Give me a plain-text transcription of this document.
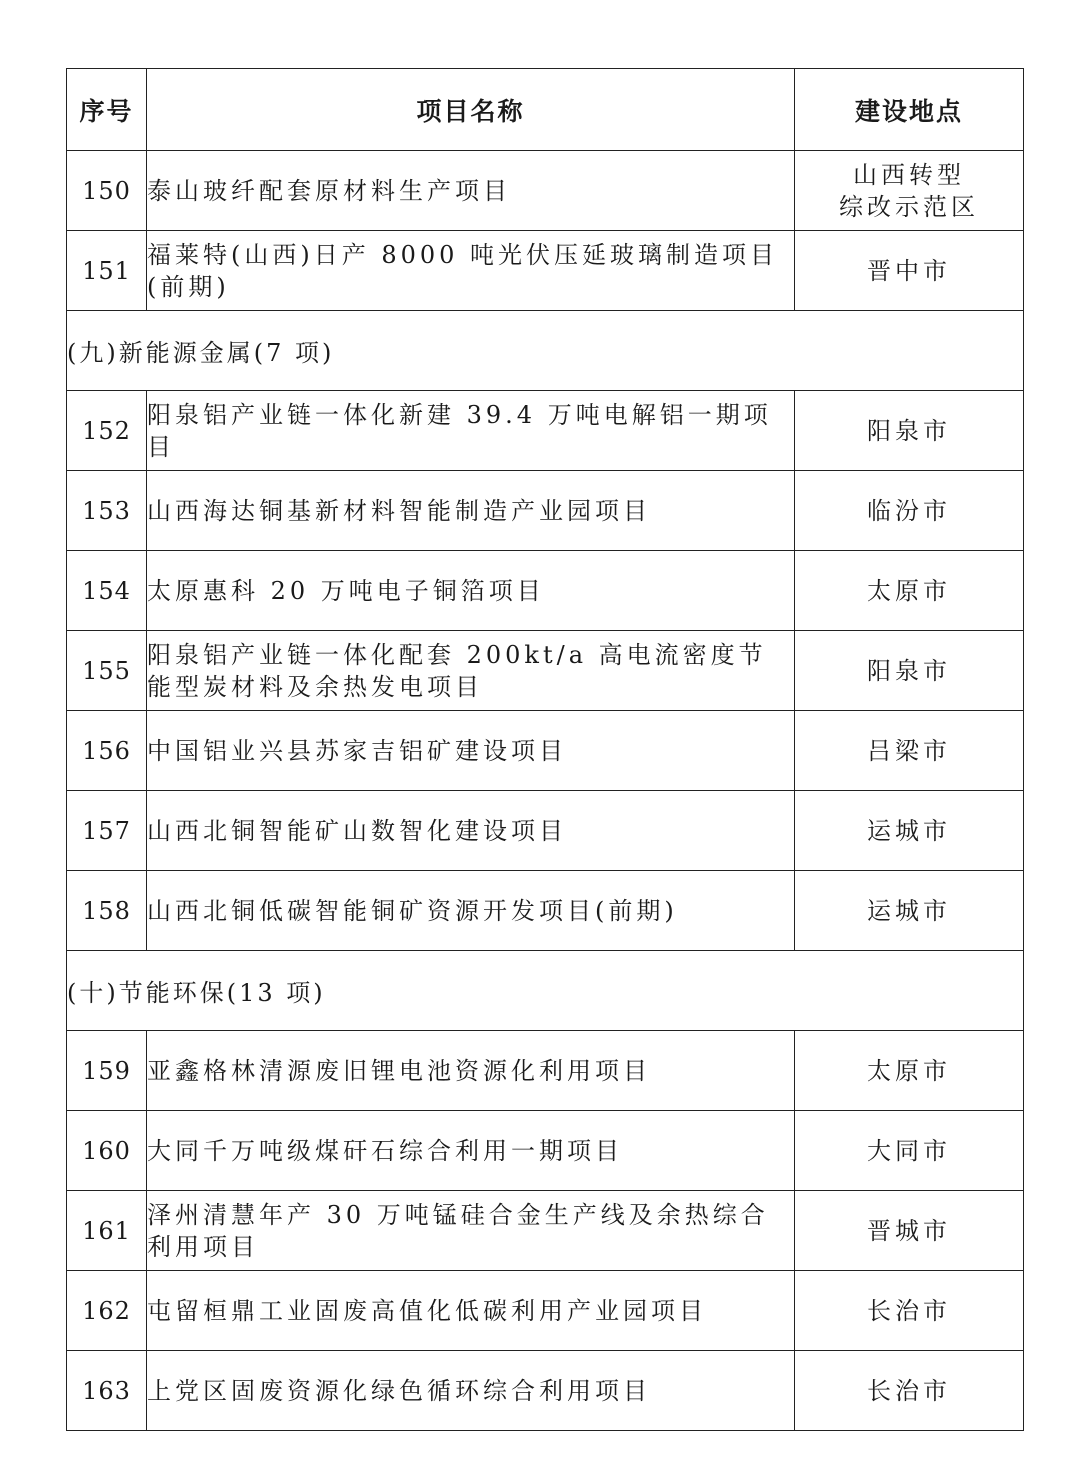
序号	项目名称	建设地点
150	泰山玻纤配套原材料生产项目	山西转型
综改示范区
151	福莱特(山西)日产 8000 吨光伏压延玻璃制造项目(前期)	晋中市
(九)新能源金属(7 项)		
152	阳泉铝产业链一体化新建 39.4 万吨电解铝一期项目	阳泉市
153	山西海达铜基新材料智能制造产业园项目	临汾市
154	太原惠科 20 万吨电子铜箔项目	太原市
155	阳泉铝产业链一体化配套 200kt/a 高电流密度节能型炭材料及余热发电项目	阳泉市
156	中国铝业兴县苏家吉铝矿建设项目	吕梁市
157	山西北铜智能矿山数智化建设项目	运城市
158	山西北铜低碳智能铜矿资源开发项目(前期)	运城市
(十)节能环保(13 项)		
159	亚鑫格林清源废旧锂电池资源化利用项目	太原市
160	大同千万吨级煤矸石综合利用一期项目	大同市
161	泽州清慧年产 30 万吨锰硅合金生产线及余热综合利用项目	晋城市
162	屯留桓鼎工业固废高值化低碳利用产业园项目	长治市
163	上党区固废资源化绿色循环综合利用项目	长治市
